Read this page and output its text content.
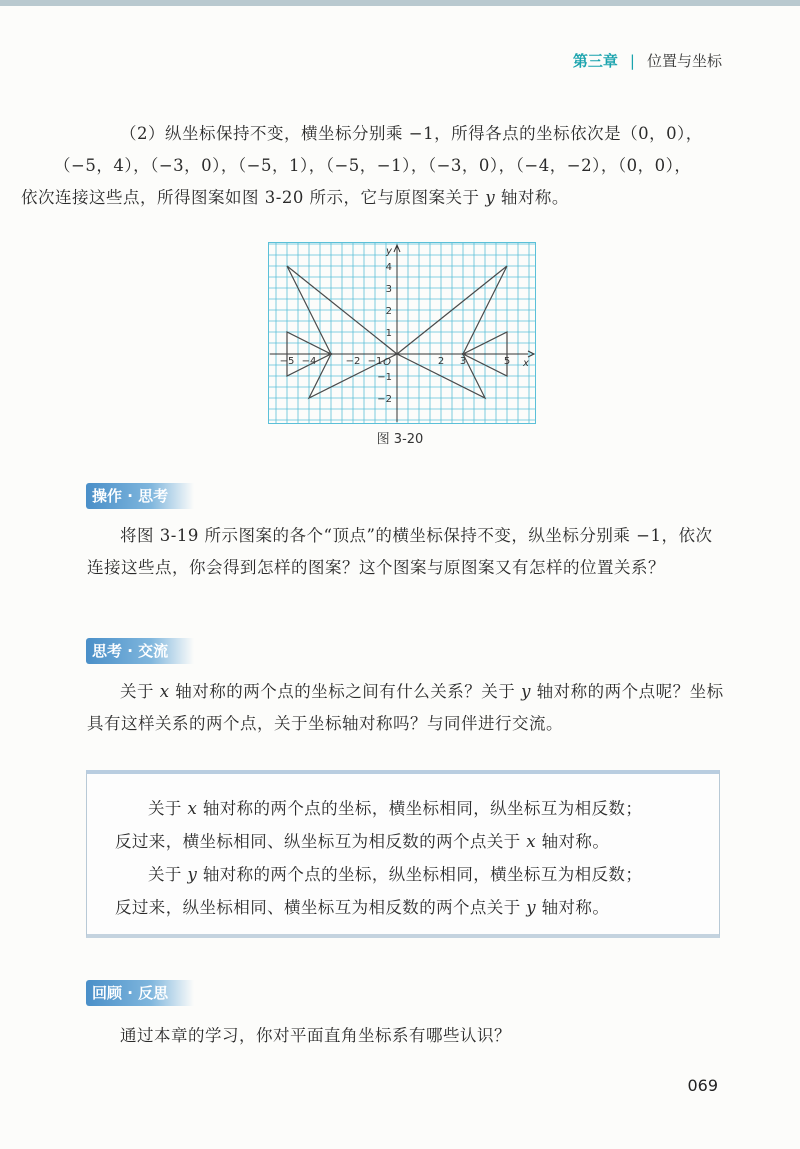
第三章 | 位置与坐标

（2）纵坐标保持不变，横坐标分别乘 −1，所得各点的坐标依次是（0，0），
（−5，4），（−3，0），（−5，1），（−5，−1），（−3，0），（−4，−2），（0，0），
依次连接这些点，所得图案如图 3-20 所示，它与原图案关于 y 轴对称。

−5 −4	−2 −1	2 3	5
4
3
2
1
−1
−2
O	x
y
图 3-20
操作 · 思考

将图 3-19 所示图案的各个“顶点”的横坐标保持不变，纵坐标分别乘 −1，依次连接这些点，你会得到怎样的图案？这个图案与原图案又有怎样的位置关系？

思考 · 交流

关于 x 轴对称的两个点的坐标之间有什么关系？关于 y 轴对称的两个点呢？坐标具有这样关系的两个点，关于坐标轴对称吗？与同伴进行交流。

关于 x 轴对称的两个点的坐标，横坐标相同，纵坐标互为相反数；

反过来，横坐标相同、纵坐标互为相反数的两个点关于 x 轴对称。

关于 y 轴对称的两个点的坐标，纵坐标相同，横坐标互为相反数；

反过来，纵坐标相同、横坐标互为相反数的两个点关于 y 轴对称。

回顾 · 反思

通过本章的学习，你对平面直角坐标系有哪些认识？

069
